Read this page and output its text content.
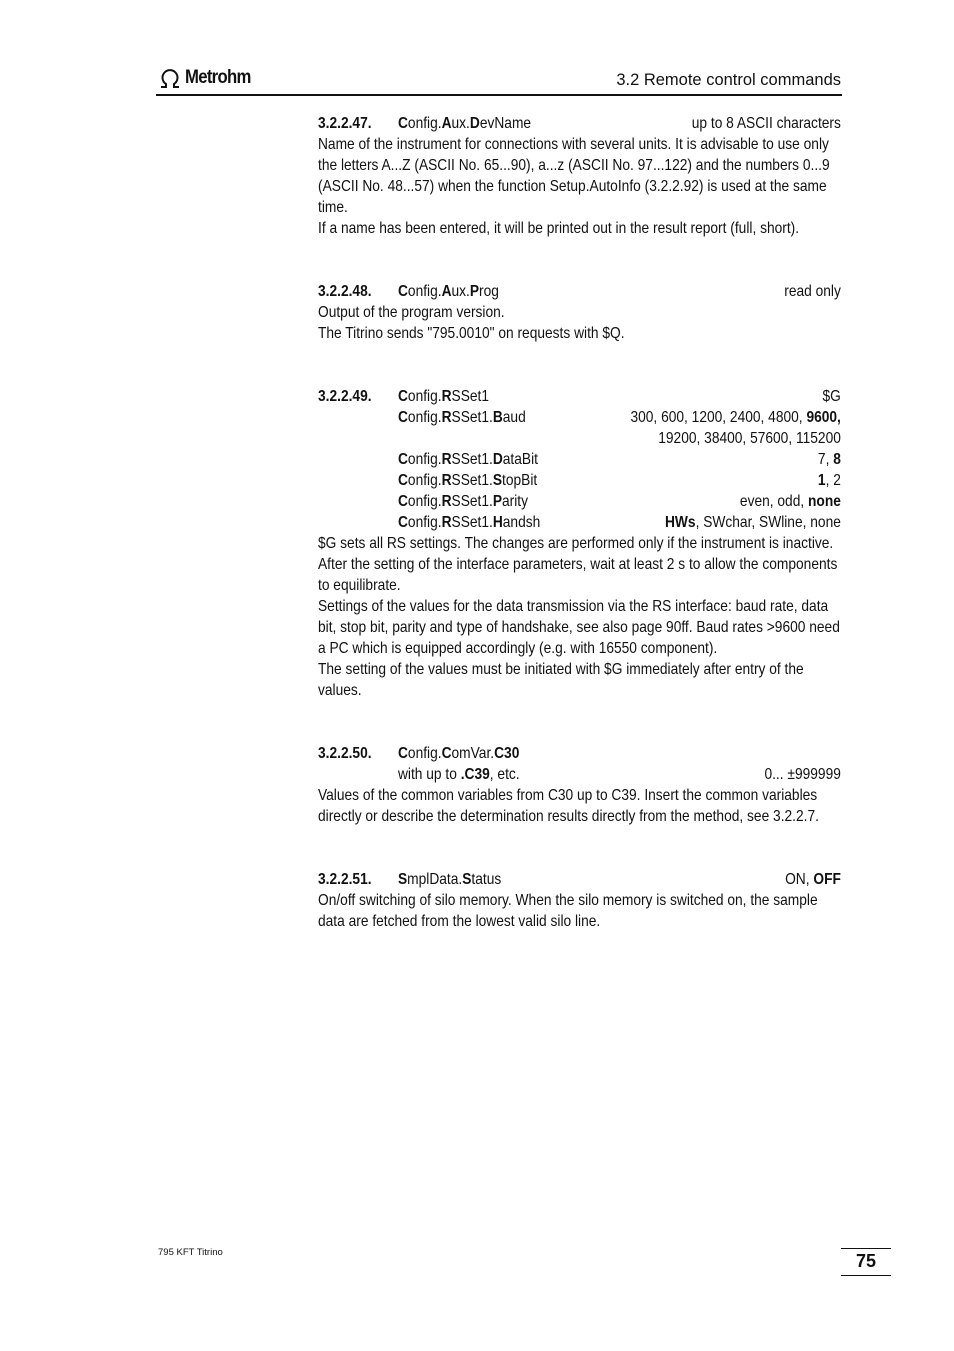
Metrohm	3.2 Remote control commands
3.2.2.47. Config.Aux.DevName	up to 8 ASCII characters

Name of the instrument for connections with several units. It is advisable to use only the letters A...Z (ASCII No. 65...90), a...z (ASCII No. 97...122) and the numbers 0...9 (ASCII No. 48...57) when the function Setup.AutoInfo (3.2.2.92) is used at the same time.

If a name has been entered, it will be printed out in the result report (full, short).

3.2.2.48. Config.Aux.Prog	read only

Output of the program version.

The Titrino sends "795.0010" on requests with $Q.

3.2.2.49. Config.RSSet1	$G
Config.RSSet1.Baud	300, 600, 1200, 2400, 4800, 9600,
19200, 38400, 57600, 115200
Config.RSSet1.DataBit	7, 8
Config.RSSet1.StopBit	1, 2
Config.RSSet1.Parity	even, odd, none
Config.RSSet1.Handsh	HWs, SWchar, SWline, none

$G sets all RS settings. The changes are performed only if the instrument is inactive. After the setting of the interface parameters, wait at least 2 s to allow the components to equilibrate.

Settings of the values for the data transmission via the RS interface: baud rate, data bit, stop bit, parity and type of handshake, see also page 90ff. Baud rates >9600 need a PC which is equipped accordingly (e.g. with 16550 component).

The setting of the values must be initiated with $G immediately after entry of the values.

3.2.2.50. Config.ComVar.C30
with up to .C39, etc.	0... ±999999

Values of the common variables from C30 up to C39. Insert the common variables directly or describe the determination results directly from the method, see 3.2.2.7.

3.2.2.51. SmplData.Status	ON, OFF

On/off switching of silo memory. When the silo memory is switched on, the sample data are fetched from the lowest valid silo line.

795 KFT Titrino	75
